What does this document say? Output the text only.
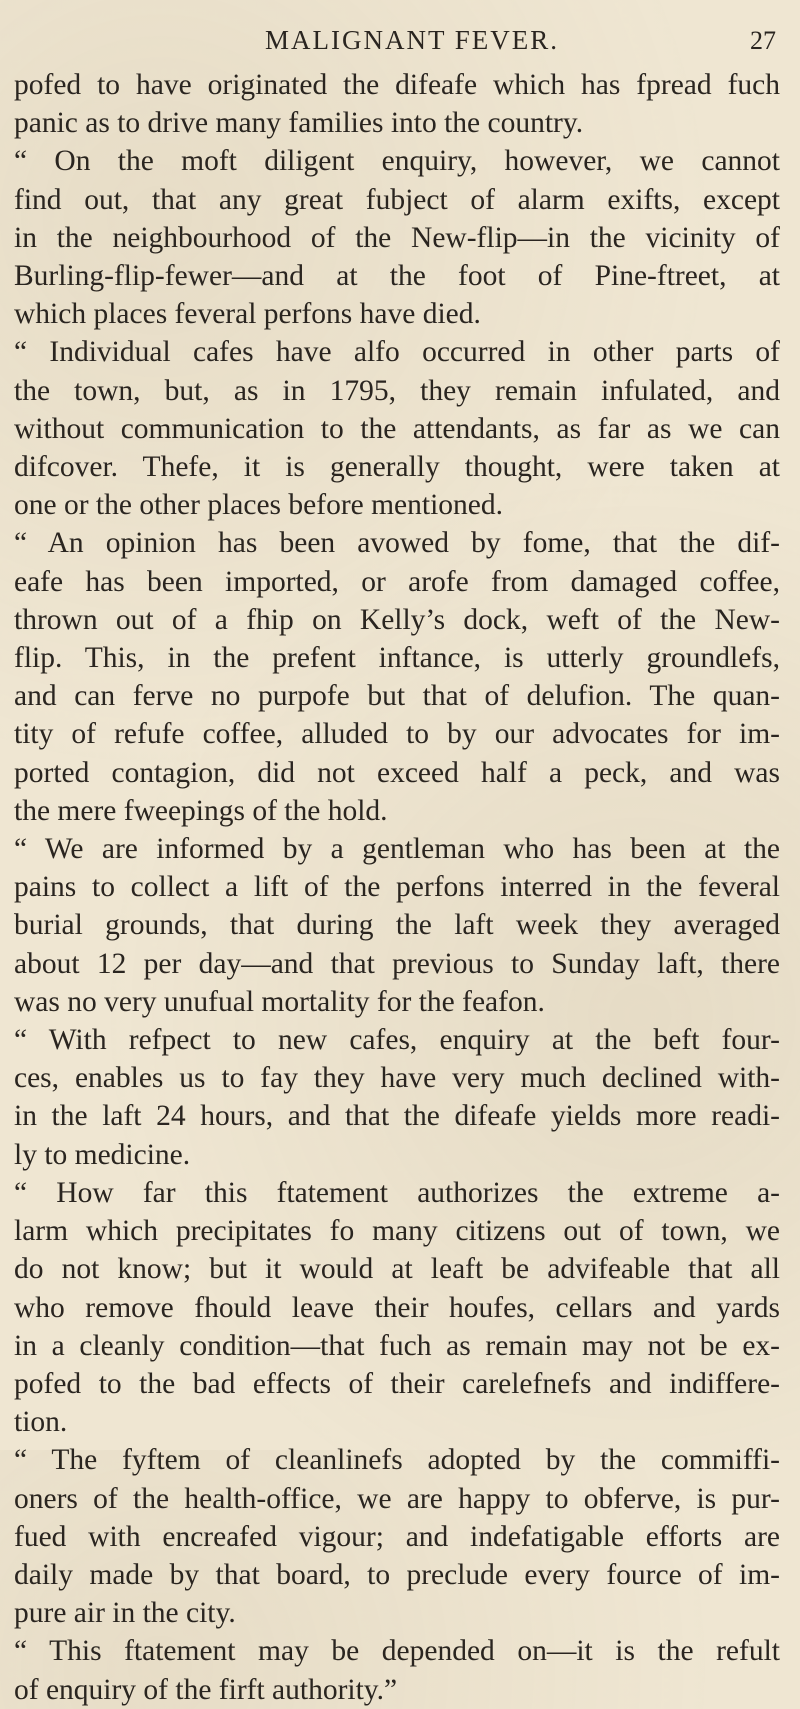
MALIGNANT FEVER.	27
pofed to have originated the difeafe which has fpread fuch
panic as to drive many families into the country.
“ On the moft diligent enquiry, however, we cannot
find out, that any great fubject of alarm exifts, except
in the neighbourhood of the New-flip—in the vicinity of
Burling-flip-fewer—and at the foot of Pine-ftreet, at
which places feveral perfons have died.
“ Individual cafes have alfo occurred in other parts of
the town, but, as in 1795, they remain infulated, and
without communication to the attendants, as far as we can
difcover. Thefe, it is generally thought, were taken at
one or the other places before mentioned.
“ An opinion has been avowed by fome, that the dif-
eafe has been imported, or arofe from damaged coffee,
thrown out of a fhip on Kelly’s dock, weft of the New-
flip. This, in the prefent inftance, is utterly groundlefs,
and can ferve no purpofe but that of delufion. The quan-
tity of refufe coffee, alluded to by our advocates for im-
ported contagion, did not exceed half a peck, and was
the mere fweepings of the hold.
“ We are informed by a gentleman who has been at the
pains to collect a lift of the perfons interred in the feveral
burial grounds, that during the laft week they averaged
about 12 per day—and that previous to Sunday laft, there
was no very unufual mortality for the feafon.
“ With refpect to new cafes, enquiry at the beft four-
ces, enables us to fay they have very much declined with-
in the laft 24 hours, and that the difeafe yields more readi-
ly to medicine.
“ How far this ftatement authorizes the extreme a-
larm which precipitates fo many citizens out of town, we
do not know; but it would at leaft be advifeable that all
who remove fhould leave their houfes, cellars and yards
in a cleanly condition—that fuch as remain may not be ex-
pofed to the bad effects of their carelefnefs and indiffere-
tion.
“ The fyftem of cleanlinefs adopted by the commiffi-
oners of the health-office, we are happy to obferve, is pur-
fued with encreafed vigour; and indefatigable efforts are
daily made by that board, to preclude every fource of im-
pure air in the city.
“ This ftatement may be depended on—it is the refult
of enquiry of the firft authority.”
